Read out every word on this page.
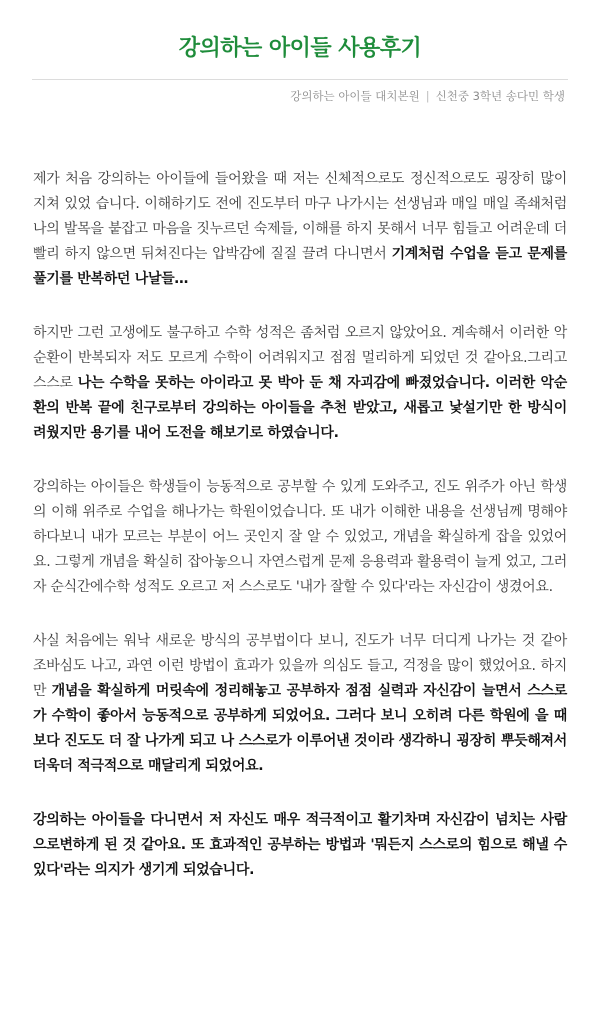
강의하는 아이들 사용후기
강의하는 아이들 대치본원 | 신천중 3학년 송다민 학생

제가 처음 강의하는 아이들에 들어왔을 때 저는 신체적으로도 정신적으로도 굉장히 많이 지쳐 있었 습니다. 이해하기도 전에 진도부터 마구 나가시는 선생님과 매일 매일 족쇄처럼 나의 발목을 붙잡고 마음을 짓누르던 숙제들, 이해를 하지 못해서 너무 힘들고 어려운데 더 빨리 하지 않으면 뒤쳐진다는 압박감에 질질 끌려 다니면서 기계처럼 수업을 듣고 문제를 풀기를 반복하던 나날들…

하지만 그런 고생에도 불구하고 수학 성적은 좀처럼 오르지 않았어요. 계속해서 이러한 악순환이 반복되자 저도 모르게 수학이 어려워지고 점점 멀리하게 되었던 것 같아요.그리고 스스로 나는 수학을 못하는 아이라고 못 박아 둔 채 자괴감에 빠졌었습니다. 이러한 악순환의 반복 끝에 친구로부터 강의하는 아이들을 추천 받았고, 새롭고 낯설기만 한 방식이 려웠지만 용기를 내어 도전을 해보기로 하였습니다.

강의하는 아이들은 학생들이 능동적으로 공부할 수 있게 도와주고, 진도 위주가 아닌 학생의 이해 위주로 수업을 해나가는 학원이었습니다. 또 내가 이해한 내용을 선생님께 명해야 하다보니 내가 모르는 부분이 어느 곳인지 잘 알 수 있었고, 개념을 확실하게 잡을 있었어요. 그렇게 개념을 확실히 잡아놓으니 자연스럽게 문제 응용력과 활용력이 늘게 었고, 그러자 순식간에수학 성적도 오르고 저 스스로도 '내가 잘할 수 있다'라는 자신감이 생겼어요.

사실 처음에는 워낙 새로운 방식의 공부법이다 보니, 진도가 너무 더디게 나가는 것 같아 조바심도 나고, 과연 이런 방법이 효과가 있을까 의심도 들고, 걱정을 많이 했었어요. 하지만 개념을 확실하게 머릿속에 정리해놓고 공부하자 점점 실력과 자신감이 늘면서 스스로가 수학이 좋아서 능동적으로 공부하게 되었어요. 그러다 보니 오히려 다른 학원에 을 때보다 진도도 더 잘 나가게 되고 나 스스로가 이루어낸 것이라 생각하니 굉장히 뿌듯해져서 더욱더 적극적으로 매달리게 되었어요.

강의하는 아이들을 다니면서 저 자신도 매우 적극적이고 활기차며 자신감이 넘치는 사람으로변하게 된 것 같아요. 또 효과적인 공부하는 방법과 '뭐든지 스스로의 힘으로 해낼 수 있다'라는 의지가 생기게 되었습니다.
